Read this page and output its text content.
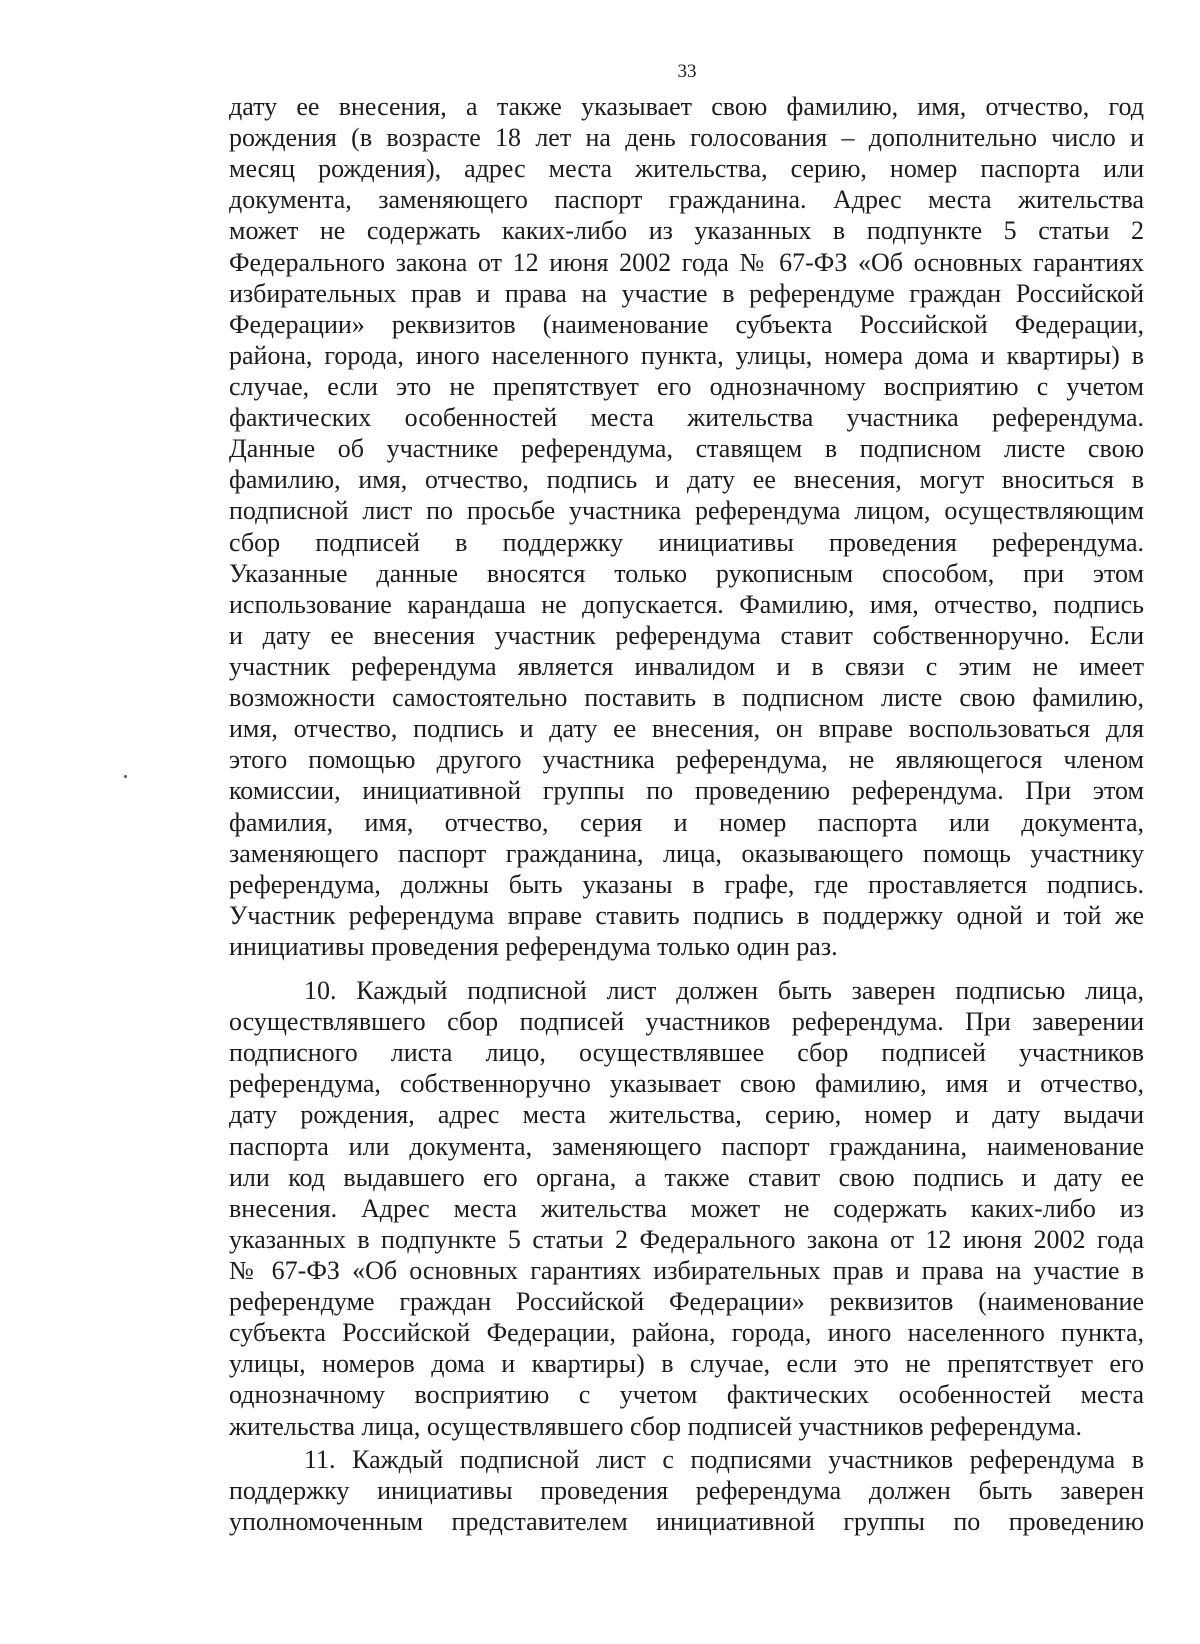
33
дату ее внесения, а также указывает свою фамилию, имя, отчество, год
рождения (в возрасте 18 лет на день голосования – дополнительно число и
месяц рождения), адрес места жительства, серию, номер паспорта или
документа, заменяющего паспорт гражданина. Адрес места жительства
может не содержать каких-либо из указанных в подпункте 5 статьи 2
Федерального закона от 12 июня 2002 года № 67-ФЗ «Об основных гарантиях
избирательных прав и права на участие в референдуме граждан Российской
Федерации» реквизитов (наименование субъекта Российской Федерации,
района, города, иного населенного пункта, улицы, номера дома и квартиры) в
случае, если это не препятствует его однозначному восприятию с учетом
фактических особенностей места жительства участника референдума.
Данные об участнике референдума, ставящем в подписном листе свою
фамилию, имя, отчество, подпись и дату ее внесения, могут вноситься в
подписной лист по просьбе участника референдума лицом, осуществляющим
сбор подписей в поддержку инициативы проведения референдума.
Указанные данные вносятся только рукописным способом, при этом
использование карандаша не допускается. Фамилию, имя, отчество, подпись
и дату ее внесения участник референдума ставит собственноручно. Если
участник референдума является инвалидом и в связи с этим не имеет
возможности самостоятельно поставить в подписном листе свою фамилию,
имя, отчество, подпись и дату ее внесения, он вправе воспользоваться для
этого помощью другого участника референдума, не являющегося членом
комиссии, инициативной группы по проведению референдума. При этом
фамилия, имя, отчество, серия и номер паспорта или документа,
заменяющего паспорт гражданина, лица, оказывающего помощь участнику
референдума, должны быть указаны в графе, где проставляется подпись.
Участник референдума вправе ставить подпись в поддержку одной и той же
инициативы проведения референдума только один раз.
10. Каждый подписной лист должен быть заверен подписью лица,
осуществлявшего сбор подписей участников референдума. При заверении
подписного листа лицо, осуществлявшее сбор подписей участников
референдума, собственноручно указывает свою фамилию, имя и отчество,
дату рождения, адрес места жительства, серию, номер и дату выдачи
паспорта или документа, заменяющего паспорт гражданина, наименование
или код выдавшего его органа, а также ставит свою подпись и дату ее
внесения. Адрес места жительства может не содержать каких-либо из
указанных в подпункте 5 статьи 2 Федерального закона от 12 июня 2002 года
№ 67-ФЗ «Об основных гарантиях избирательных прав и права на участие в
референдуме граждан Российской Федерации» реквизитов (наименование
субъекта Российской Федерации, района, города, иного населенного пункта,
улицы, номеров дома и квартиры) в случае, если это не препятствует его
однозначному восприятию с учетом фактических особенностей места
жительства лица, осуществлявшего сбор подписей участников референдума.
11. Каждый подписной лист с подписями участников референдума в
поддержку инициативы проведения референдума должен быть заверен
уполномоченным представителем инициативной группы по проведению
